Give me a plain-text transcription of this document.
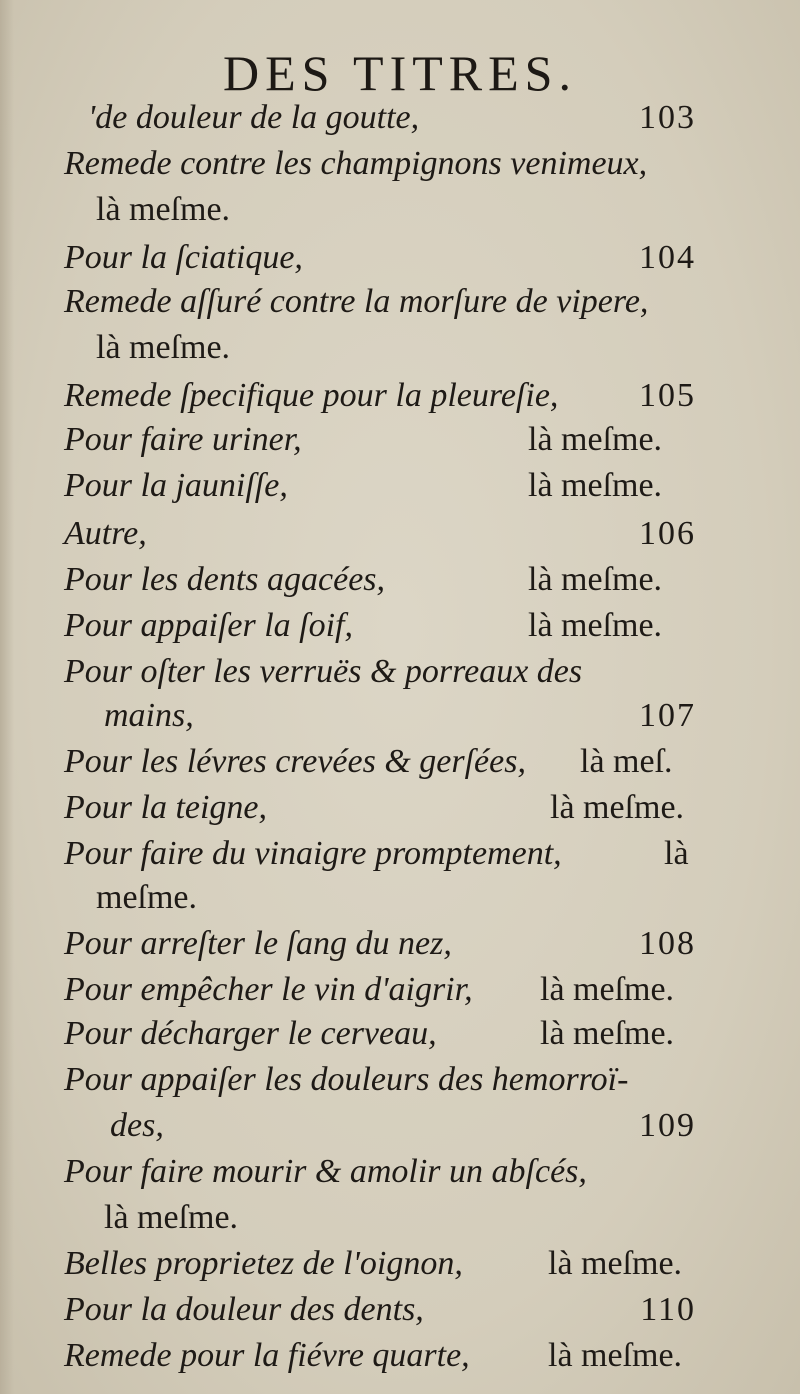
DES TITRES.
'de douleur de la goutte,	103
Remede contre les champignons venimeux,
là meſme.
Pour la ſciatique,	104
Remede aſſuré contre la morſure de vipere,
là meſme.
Remede ſpecifique pour la pleureſie, 105
Pour faire uriner,	là meſme.
Pour la jauniſſe,	là meſme.
Autre,	106
Pour les dents agacées,	là meſme.
Pour appaiſer la ſoif,	là meſme.
Pour oſter les verruës & porreaux des
mains,	107
Pour les lévres crevées & gerſées, là meſ.
Pour la teigne,	là meſme.
Pour faire du vinaigre promptement,	là
meſme.
Pour arreſter le ſang du nez,	108
Pour empêcher le vin d'aigrir, là meſme.
Pour décharger le cerveau,	là meſme.
Pour appaiſer les douleurs des hemorroï-
des,	109
Pour faire mourir & amolir un abſcés,
là meſme.
Belles proprietez de l'oignon,	là meſme.
Pour la douleur des dents,	110
Remede pour la fiévre quarte, là meſme.
